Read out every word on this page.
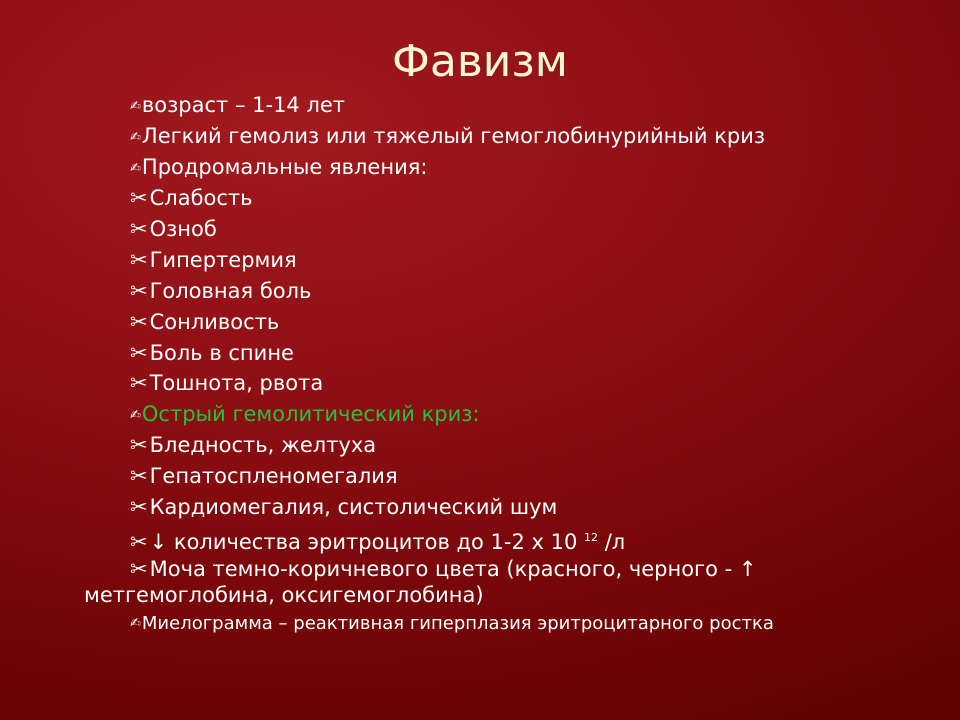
Фавизм
✍возраст – 1-14 лет
✍Легкий гемолиз или тяжелый гемоглобинурийный криз
✍Продромальные явления:
✂Слабость
✂Озноб
✂Гипертермия
✂Головная боль
✂Сонливость
✂Боль в спине
✂Тошнота, рвота
✍Острый гемолитический криз:
✂Бледность, желтуха
✂Гепатоспленомегалия
✂Кардиомегалия, систолический шум
✂↓ количества эритроцитов до 1-2 х 10 $^{12}$ /л
✂Моча темно-коричневого цвета (красного, черного - ↑
метгемоглобина, оксигемоглобина)
✍Миелограмма – реактивная гиперплазия эритроцитарного ростка
